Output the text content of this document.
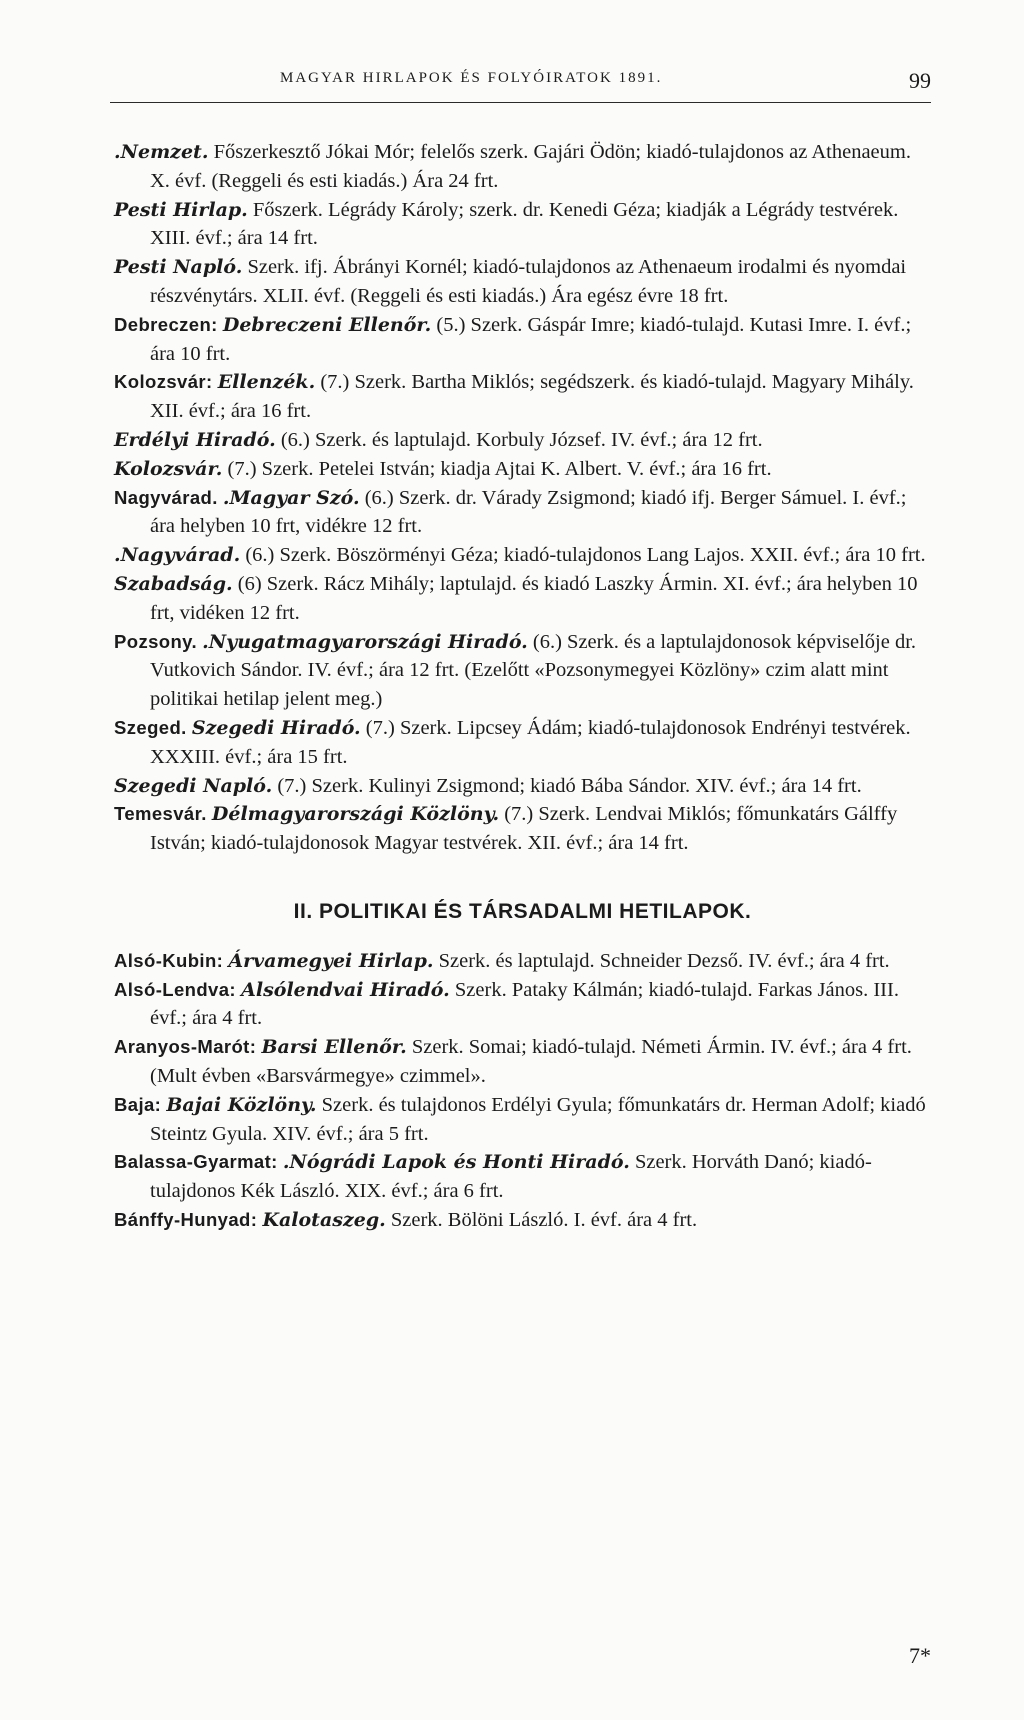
MAGYAR HIRLAPOK ÉS FOLYÓIRATOK 1891.	99

.Nemzet. Főszerkesztő Jókai Mór; felelős szerk. Gajári Ödön; kiadó-tulajdonos az Athenaeum. X. évf. (Reggeli és esti kiadás.) Ára 24 frt.

Pesti Hirlap. Főszerk. Légrády Károly; szerk. dr. Kenedi Géza; kiadják a Légrády testvérek. XIII. évf.; ára 14 frt.

Pesti Napló. Szerk. ifj. Ábrányi Kornél; kiadó-tulajdonos az Athenaeum irodalmi és nyomdai részvénytárs. XLII. évf. (Reggeli és esti kiadás.) Ára egész évre 18 frt.

Debreczen: Debreczeni Ellenőr. (5.) Szerk. Gáspár Imre; kiadó-tulajd. Kutasi Imre. I. évf.; ára 10 frt.

Kolozsvár: Ellenzék. (7.) Szerk. Bartha Miklós; segédszerk. és kiadó-tulajd. Magyary Mihály. XII. évf.; ára 16 frt.

Erdélyi Hiradó. (6.) Szerk. és laptulajd. Korbuly József. IV. évf.; ára 12 frt.

Kolozsvár. (7.) Szerk. Petelei István; kiadja Ajtai K. Albert. V. évf.; ára 16 frt.

Nagyvárad. .Magyar Szó. (6.) Szerk. dr. Várady Zsigmond; kiadó ifj. Berger Sámuel. I. évf.; ára helyben 10 frt, vidékre 12 frt.

.Nagyvárad. (6.) Szerk. Böszörményi Géza; kiadó-tulajdonos Lang Lajos. XXII. évf.; ára 10 frt.

Szabadság. (6) Szerk. Rácz Mihály; laptulajd. és kiadó Laszky Ármin. XI. évf.; ára helyben 10 frt, vidéken 12 frt.

Pozsony. .Nyugatmagyarországi Hiradó. (6.) Szerk. és a laptulajdonosok képviselője dr. Vutkovich Sándor. IV. évf.; ára 12 frt. (Ezelőtt «Pozsonymegyei Közlöny» czim alatt mint politikai hetilap jelent meg.)

Szeged. Szegedi Hiradó. (7.) Szerk. Lipcsey Ádám; kiadó-tulajdonosok Endrényi testvérek. XXXIII. évf.; ára 15 frt.

Szegedi Napló. (7.) Szerk. Kulinyi Zsigmond; kiadó Bába Sándor. XIV. évf.; ára 14 frt.

Temesvár. Délmagyarországi Közlöny. (7.) Szerk. Lendvai Miklós; főmunkatárs Gálffy István; kiadó-tulajdonosok Magyar testvérek. XII. évf.; ára 14 frt.

II. POLITIKAI ÉS TÁRSADALMI HETILAPOK.

Alsó-Kubin: Árvamegyei Hirlap. Szerk. és laptulajd. Schneider Dezső. IV. évf.; ára 4 frt.

Alsó-Lendva: Alsólendvai Hiradó. Szerk. Pataky Kálmán; kiadó-tulajd. Farkas János. III. évf.; ára 4 frt.

Aranyos-Marót: Barsi Ellenőr. Szerk. Somai; kiadó-tulajd. Németi Ármin. IV. évf.; ára 4 frt. (Mult évben «Barsvármegye» czimmel».

Baja: Bajai Közlöny. Szerk. és tulajdonos Erdélyi Gyula; főmunkatárs dr. Herman Adolf; kiadó Steintz Gyula. XIV. évf.; ára 5 frt.

Balassa-Gyarmat: .Nógrádi Lapok és Honti Hiradó. Szerk. Horváth Danó; kiadó-tulajdonos Kék László. XIX. évf.; ára 6 frt.

Bánffy-Hunyad: Kalotaszeg. Szerk. Bölöni László. I. évf. ára 4 frt.

7*
